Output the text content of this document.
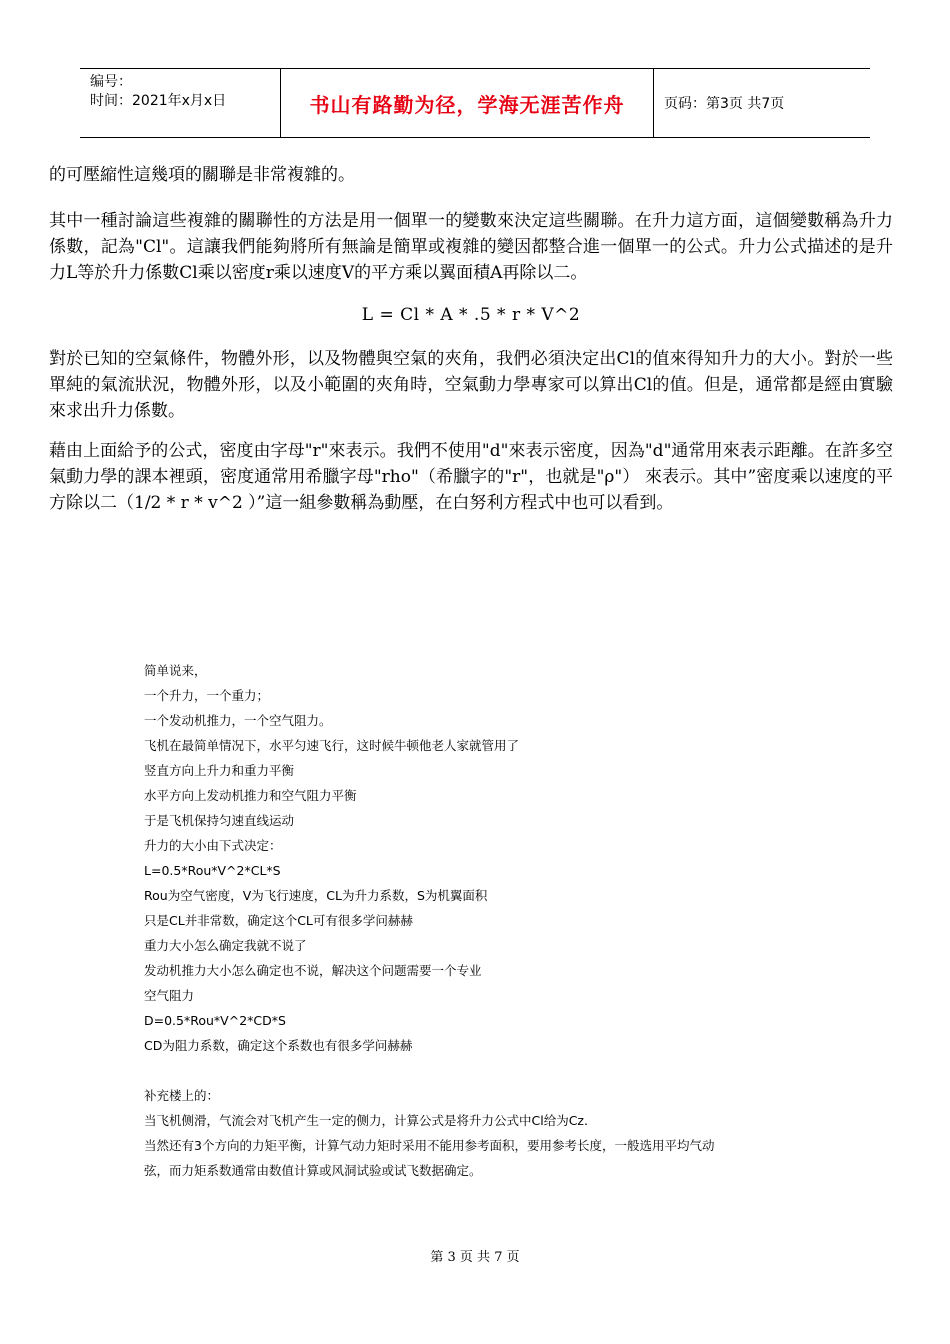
编号：
时间：2021年x月x日	书山有路勤为径，学海无涯苦作舟	页码：第3页 共7页

的可壓縮性這幾項的關聯是非常複雜的。

其中一種討論這些複雜的關聯性的方法是用一個單一的變數來決定這些關聯。在升力這方面，這個變數稱為升力係數，記為"Cl"。這讓我們能夠將所有無論是簡單或複雜的變因都整合進一個單一的公式。升力公式描述的是升力L等於升力係數Cl乘以密度r乘以速度V的平方乘以翼面積A再除以二。

L = Cl * A * .5 * r * V^2

對於已知的空氣條件，物體外形，以及物體與空氣的夾角，我們必須決定出Cl的值來得知升力的大小。對於一些單純的氣流狀況，物體外形，以及小範圍的夾角時，空氣動力學專家可以算出Cl的值。但是，通常都是經由實驗來求出升力係數。

藉由上面給予的公式，密度由字母"r"來表示。我們不使用"d"來表示密度，因為"d"通常用來表示距離。在許多空氣動力學的課本裡頭，密度通常用希臘字母"rho"（希臘字的"r"，也就是"ρ"） 來表示。其中”密度乘以速度的平方除以二（1/2 * r * v^2 ）”這一組參數稱為動壓，在白努利方程式中也可以看到。

简单说来，
一个升力，一个重力；
一个发动机推力，一个空气阻力。
飞机在最简单情况下，水平匀速飞行，这时候牛顿他老人家就管用了
竖直方向上升力和重力平衡
水平方向上发动机推力和空气阻力平衡
于是飞机保持匀速直线运动
升力的大小由下式决定：
L=0.5*Rou*V^2*CL*S
Rou为空气密度，V为飞行速度，CL为升力系数，S为机翼面积
只是CL并非常数，确定这个CL可有很多学问赫赫
重力大小怎么确定我就不说了
发动机推力大小怎么确定也不说，解决这个问题需要一个专业
空气阻力
D=0.5*Rou*V^2*CD*S
CD为阻力系数，确定这个系数也有很多学问赫赫
补充楼上的：
当飞机侧滑，气流会对飞机产生一定的侧力，计算公式是将升力公式中Cl给为Cz.
当然还有3个方向的力矩平衡，计算气动力矩时采用不能用参考面积，要用参考长度，一般选用平均气动
弦，而力矩系数通常由数值计算或风洞试验或试飞数据确定。
第 3 页 共 7 页
